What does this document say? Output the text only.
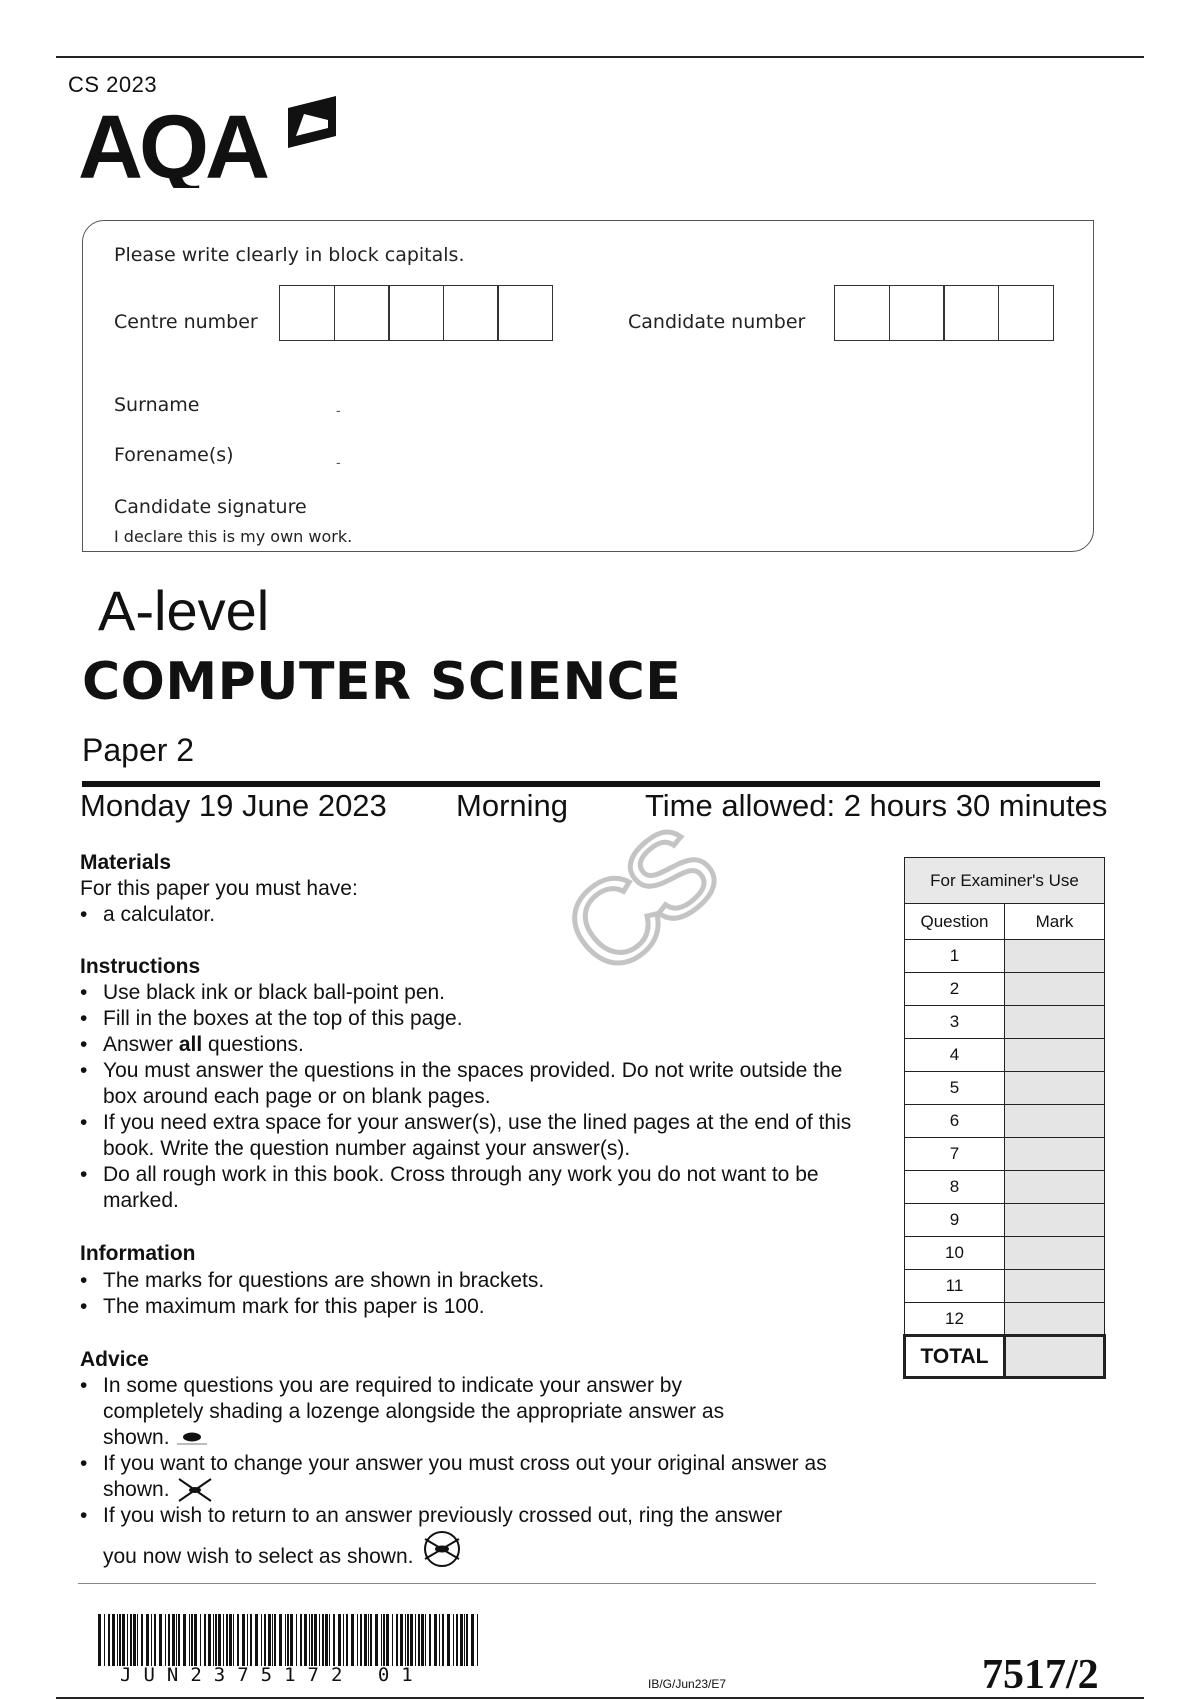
CS 2023
AQA
Please write clearly in block capitals.
Centre number	Candidate number
Surname	-
Forename(s)	-
Candidate signature
I declare this is my own work.
A-level
COMPUTER SCIENCE
Paper 2
Monday 19 June 2023 Morning Time allowed: 2 hours 30 minutes
CS
Materials
For this paper you must have:
• a calculator.
Instructions
• Use black ink or black ball-point pen.
• Fill in the boxes at the top of this page.
• Answer all questions.
• You must answer the questions in the spaces provided. Do not write outside the box around each page or on blank pages.
• If you need extra space for your answer(s), use the lined pages at the end of this book. Write the question number against your answer(s).
• Do all rough work in this book. Cross through any work you do not want to be marked.
Information
• The marks for questions are shown in brackets.
• The maximum mark for this paper is 100.
Advice
• In some questions you are required to indicate your answer by completely shading a lozenge alongside the appropriate answer as shown.
• If you want to change your answer you must cross out your original answer as shown.
• If you wish to return to an answer previously crossed out, ring the answer you now wish to select as shown.
For Examiner's Use	
Question	Mark
1	
2	
3	
4	
5	
6	
7	
8	
9	
10	
11	
12	
TOTAL	
JUN2375172 01	IB/G/Jun23/E7	7517/2
